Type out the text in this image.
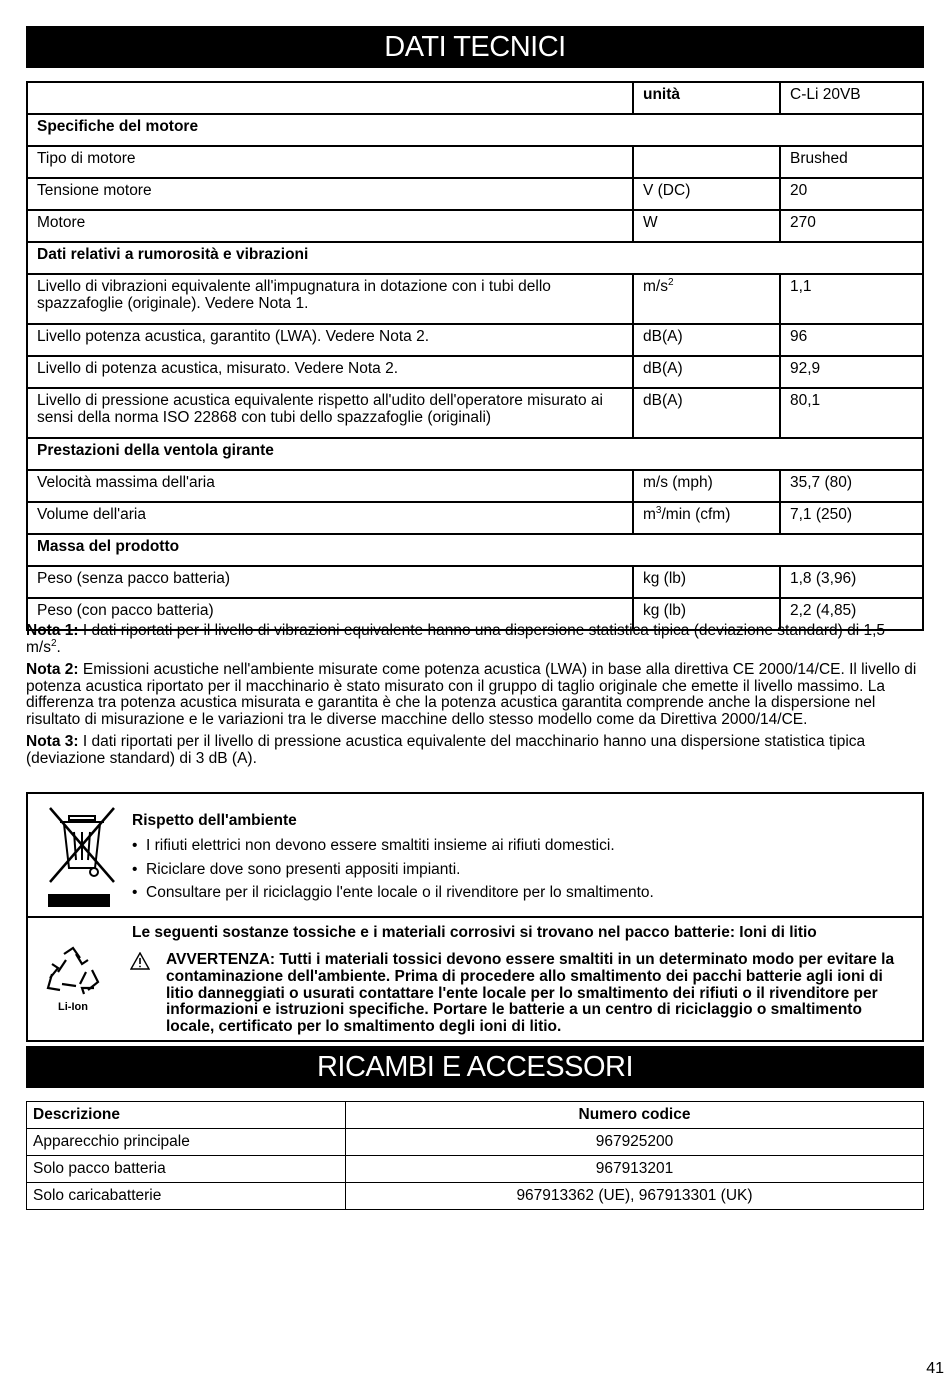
DATI TECNICI
	unità	C-Li 20VB
Specifiche del motore		
Tipo di motore		Brushed
Tensione motore	V (DC)	20
Motore	W	270
Dati relativi a rumorosità e vibrazioni		
Livello di vibrazioni equivalente all'impugnatura in dotazione con i tubi dello spazzafoglie (originale). Vedere Nota 1.	$m/s^2$	1,1
Livello potenza acustica, garantito (LWA). Vedere Nota 2.	dB(A)	96
Livello di potenza acustica, misurato. Vedere Nota 2.	dB(A)	92,9
Livello di pressione acustica equivalente rispetto all'udito dell'operatore misurato ai sensi della norma ISO 22868 con tubi dello spazzafoglie (originali)	dB(A)	80,1
Prestazioni della ventola girante		
Velocità massima dell'aria	m/s (mph)	35,7 (80)
Volume dell'aria	$m^3/\min$ (cfm)	7,1 (250)
Massa del prodotto		
Peso (senza pacco batteria)	kg (lb)	1,8 (3,96)
Peso (con pacco batteria)	kg (lb)	2,2 (4,85)

Nota 1: I dati riportati per il livello di vibrazioni equivalente hanno una dispersione statistica tipica (deviazione standard) di 1,5 $m/s^2$.

Nota 2: Emissioni acustiche nell'ambiente misurate come potenza acustica (LWA) in base alla direttiva CE 2000/14/CE. Il livello di potenza acustica riportato per il macchinario è stato misurato con il gruppo di taglio originale che emette il livello massimo. La differenza tra potenza acustica misurata e garantita è che la potenza acustica garantita comprende anche la dispersione nel risultato di misurazione e le variazioni tra le diverse macchine dello stesso modello come da Direttiva 2000/14/CE.

Nota 3: I dati riportati per il livello di pressione acustica equivalente del macchinario hanno una dispersione statistica tipica (deviazione standard) di 3 dB (A).

Rispetto dell'ambiente
• I rifiuti elettrici non devono essere smaltiti insieme ai rifiuti domestici.
• Riciclare dove sono presenti appositi impianti.
• Consultare per il riciclaggio l'ente locale o il rivenditore per lo smaltimento.
Li-Ion
Le seguenti sostanze tossiche e i materiali corrosivi si trovano nel pacco batterie: Ioni di litio
AVVERTENZA: Tutti i materiali tossici devono essere smaltiti in un determinato modo per evitare la contaminazione dell'ambiente. Prima di procedere allo smaltimento dei pacchi batterie agli ioni di litio danneggiati o usurati contattare l'ente locale per lo smaltimento dei rifiuti o il rivenditore per informazioni e istruzioni specifiche. Portare le batterie a un centro di riciclaggio o smaltimento locale, certificato per lo smaltimento degli ioni di litio.
RICAMBI E ACCESSORI
Descrizione	Numero codice
Apparecchio principale	967925200
Solo pacco batteria	967913201
Solo caricabatterie	967913362 (UE), 967913301 (UK)
41
